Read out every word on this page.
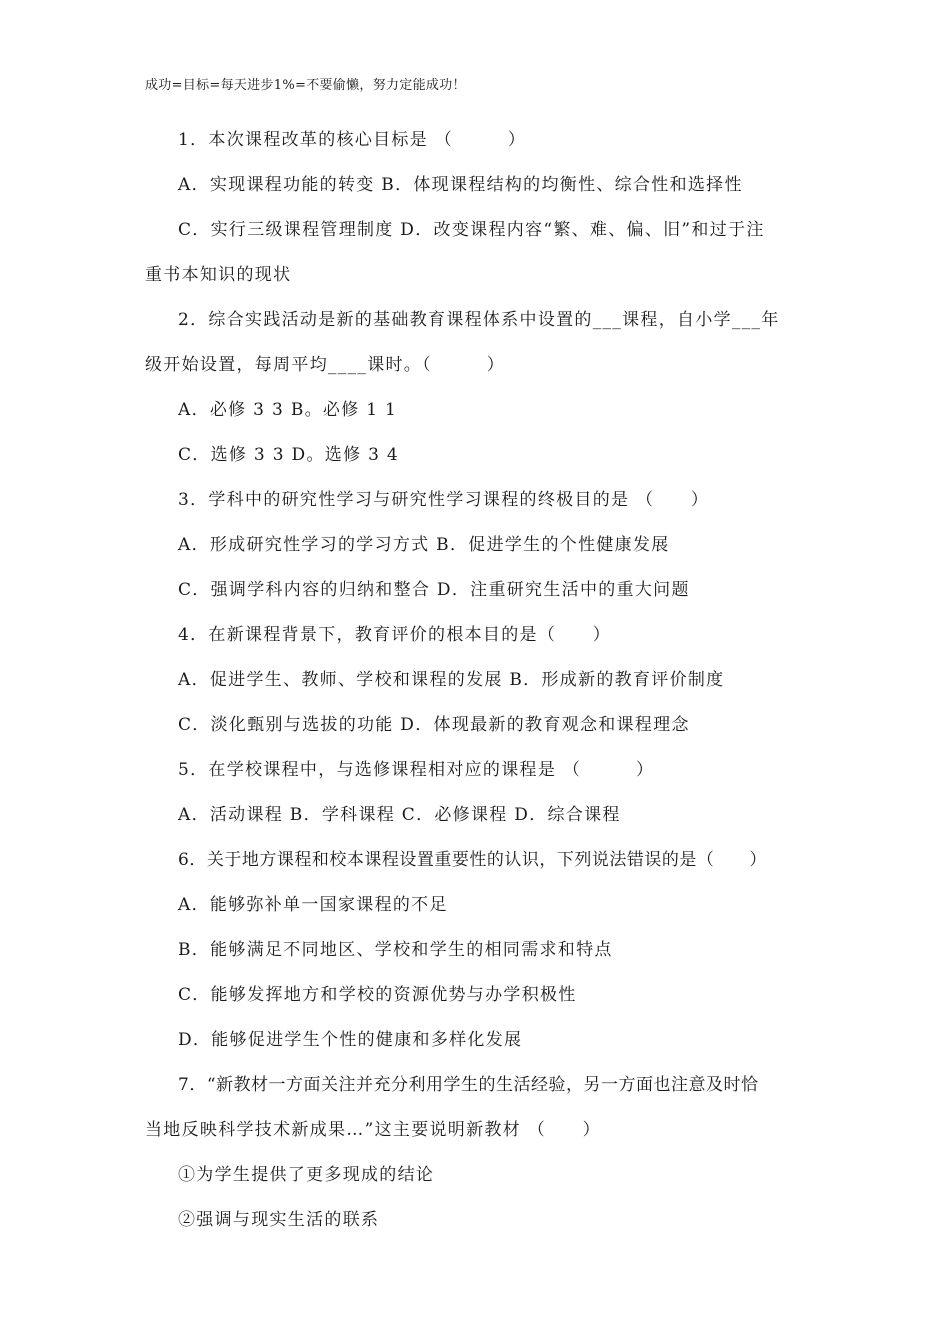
成功=目标=每天进步1%=不要偷懒，努力定能成功！
1．本次课程改革的核心目标是 （　　　）
A．实现课程功能的转变 B．体现课程结构的均衡性、综合性和选择性
C．实行三级课程管理制度 D．改变课程内容“繁、难、偏、旧”和过于注
重书本知识的现状
2．综合实践活动是新的基础教育课程体系中设置的___课程，自小学___年
级开始设置，每周平均____课时。（　　　）
A．必修 3 3 B。必修 1 1
C．选修 3 3 D。选修 3 4
3．学科中的研究性学习与研究性学习课程的终极目的是 （　　）
A．形成研究性学习的学习方式 B．促进学生的个性健康发展
C．强调学科内容的归纳和整合 D．注重研究生活中的重大问题
4．在新课程背景下，教育评价的根本目的是（　　）
A．促进学生、教师、学校和课程的发展 B．形成新的教育评价制度
C．淡化甄别与选拔的功能 D．体现最新的教育观念和课程理念
5．在学校课程中，与选修课程相对应的课程是 （　　　）
A．活动课程 B．学科课程 C．必修课程 D．综合课程
6．关于地方课程和校本课程设置重要性的认识，下列说法错误的是（　　）
A．能够弥补单一国家课程的不足
B．能够满足不同地区、学校和学生的相同需求和特点
C．能够发挥地方和学校的资源优势与办学积极性
D．能够促进学生个性的健康和多样化发展
7．“新教材一方面关注并充分利用学生的生活经验，另一方面也注意及时恰
当地反映科学技术新成果…”这主要说明新教材 （　　）
①为学生提供了更多现成的结论
②强调与现实生活的联系
